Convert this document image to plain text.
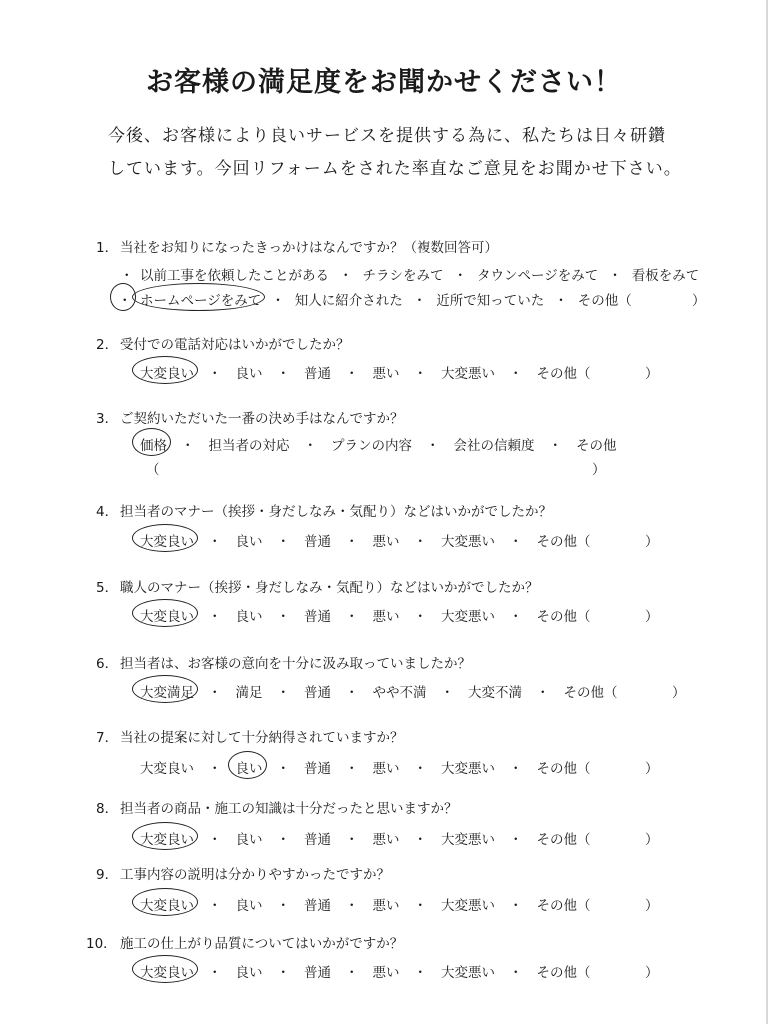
お客様の満足度をお聞かせください！
今後、お客様により良いサービスを提供する為に、私たちは日々研鑽
しています。今回リフォームをされた率直なご意見をお聞かせ下さい。
1． 当社をお知りになったきっかけはなんですか？（複数回答可）
・ 以前工事を依頼したことがある ・ チラシをみて ・ タウンページをみて ・ 看板をみて
・ ホームページをみて ・ 知人に紹介された ・ 近所で知っていた ・ その他（	）
2． 受付での電話対応はいかがでしたか？
大変良い ・ 良い ・ 普通 ・ 悪い ・ 大変悪い ・ その他（	）
3． ご契約いただいた一番の決め手はなんですか？
価格 ・ 担当者の対応 ・ プランの内容 ・ 会社の信頼度 ・ その他
（	）
4． 担当者のマナー（挨拶・身だしなみ・気配り）などはいかがでしたか？
大変良い ・ 良い ・ 普通 ・ 悪い ・ 大変悪い ・ その他（	）
5． 職人のマナー（挨拶・身だしなみ・気配り）などはいかがでしたか？
大変良い ・ 良い ・ 普通 ・ 悪い ・ 大変悪い ・ その他（	）
6． 担当者は、お客様の意向を十分に汲み取っていましたか？
大変満足 ・ 満足 ・ 普通 ・ やや不満 ・ 大変不満 ・ その他（	）
7． 当社の提案に対して十分納得されていますか？
大変良い ・ 良い ・ 普通 ・ 悪い ・ 大変悪い ・ その他（	）
8． 担当者の商品・施工の知識は十分だったと思いますか？
大変良い ・ 良い ・ 普通 ・ 悪い ・ 大変悪い ・ その他（	）
9． 工事内容の説明は分かりやすかったですか？
大変良い ・ 良い ・ 普通 ・ 悪い ・ 大変悪い ・ その他（	）
10． 施工の仕上がり品質についてはいかがですか？
大変良い ・ 良い ・ 普通 ・ 悪い ・ 大変悪い ・ その他（	）
